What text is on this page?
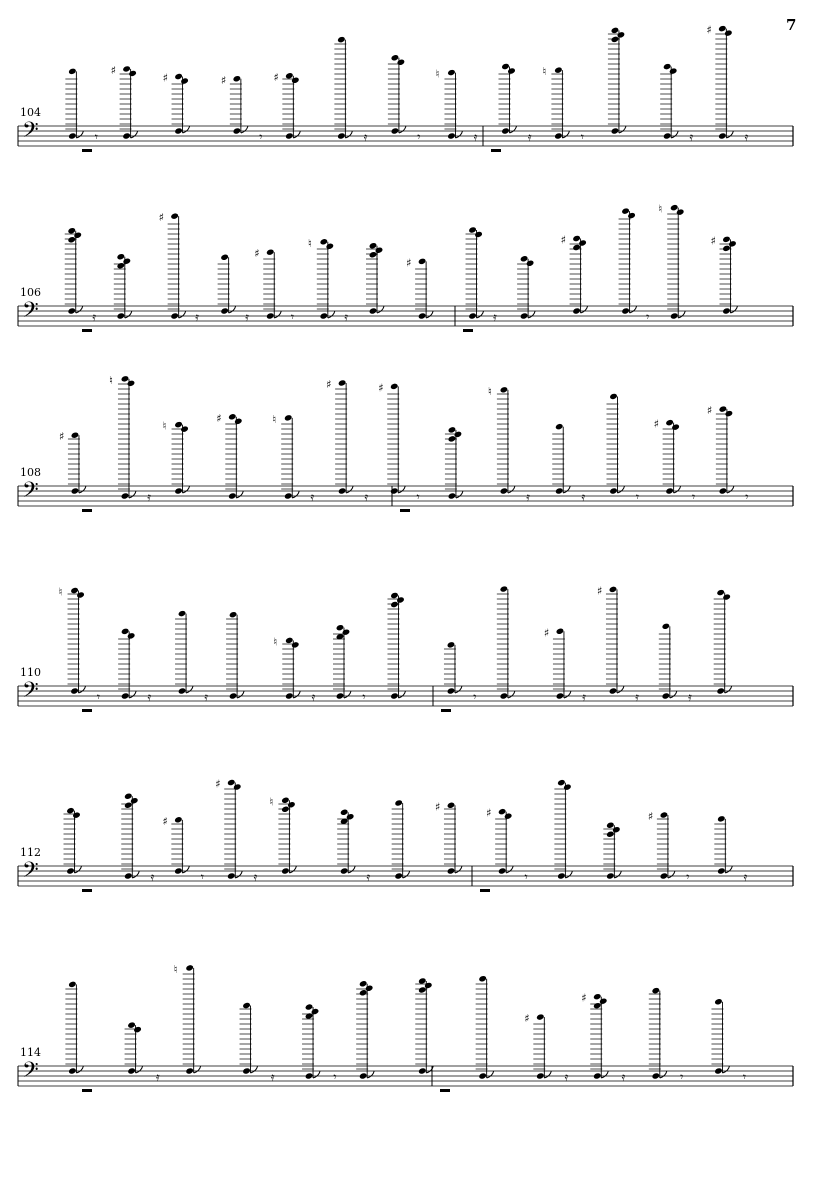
7
𝄢	𝄾
♯
♯
𝄾
♯	♯
𝄿	𝄾	𝄿
♮
𝄿	𝄾
♮
𝄿	𝄿
♯
𝄢	𝄿	𝄿
♯
𝄿	𝄾
♯
𝄿
♮
♯
𝄿
♯
𝄾
♮
♯
𝄢
♯
𝄿
♮
♮
♯
𝄿
♮
𝄿
♯
𝄾
♯
𝄿
♮
𝄿	𝄾	𝄾
♯
𝄾
♯
𝄢	𝄾
♮
𝄿	𝄿	𝄿
♮
𝄾	𝄾	𝄿
♯
𝄿
♯
𝄿
𝄢	𝄿	𝄾
♯
𝄿
♯
♮
𝄿
♯
𝄾
♯
𝄾
♯
𝄿
𝄢	𝄿
♮
𝄿	𝄾	𝄿
♯
𝄿
♯
𝄾	𝄾
104
106
108
110
112
114
